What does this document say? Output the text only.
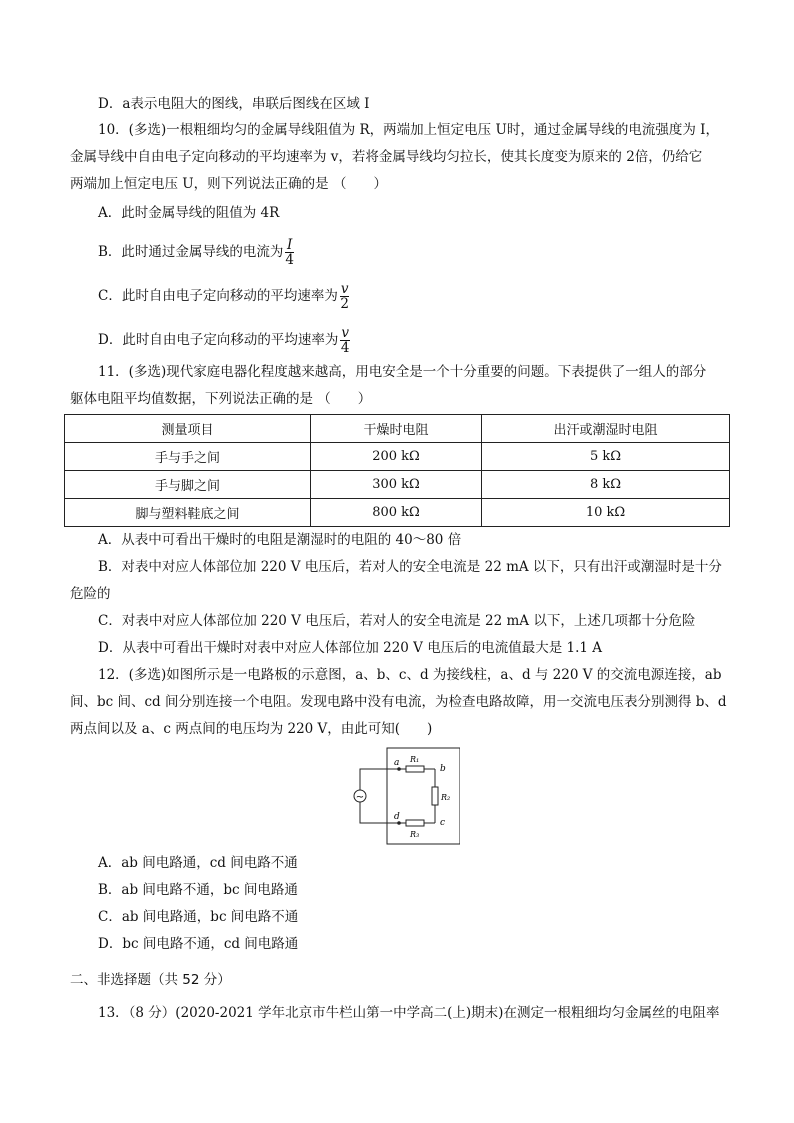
D．a表示电阻大的图线，串联后图线在区域 I
10．(多选)一根粗细均匀的金属导线阻值为 R，两端加上恒定电压 U时，通过金属导线的电流强度为 I，
金属导线中自由电子定向移动的平均速率为 v，若将金属导线均匀拉长，使其长度变为原来的 2倍，仍给它
两端加上恒定电压 U，则下列说法正确的是 （　　）
A．此时金属导线的阻值为 4R
B．此时通过金属导线的电流为 $\frac{I}{4}$
C．此时自由电子定向移动的平均速率为 $\frac{v}{2}$
D．此时自由电子定向移动的平均速率为 $\frac{v}{4}$
11．(多选)现代家庭电器化程度越来越高，用电安全是一个十分重要的问题。下表提供了一组人的部分
躯体电阻平均值数据，下列说法正确的是 （　　）
测量项目	干燥时电阻	出汗或潮湿时电阻
手与手之间	200 kΩ	5 kΩ
手与脚之间	300 kΩ	8 kΩ
脚与塑料鞋底之间	800 kΩ	10 kΩ
A．从表中可看出干燥时的电阻是潮湿时的电阻的 40～80 倍
B．对表中对应人体部位加 220 V 电压后，若对人的安全电流是 22 mA 以下，只有出汗或潮湿时是十分
危险的
C．对表中对应人体部位加 220 V 电压后，若对人的安全电流是 22 mA 以下，上述几项都十分危险
D．从表中可看出干燥时对表中对应人体部位加 220 V 电压后的电流值最大是 1.1 A
12．(多选)如图所示是一电路板的示意图，a、b、c、d 为接线柱，a、d 与 220 V 的交流电源连接，ab
间、bc 间、cd 间分别连接一个电阻。发现电路中没有电流，为检查电路故障，用一交流电压表分别测得 b、d
两点间以及 a、c 两点间的电压均为 220 V，由此可知(　　)
~
a
b
c
d
R₁
R₂
R₃
A．ab 间电路通，cd 间电路不通
B．ab 间电路不通，bc 间电路通
C．ab 间电路通，bc 间电路不通
D．bc 间电路不通，cd 间电路通
二、非选择题（共 52 分）
13．（8 分）(2020-2021 学年北京市牛栏山第一中学高二(上)期末)在测定一根粗细均匀金属丝的电阻率
